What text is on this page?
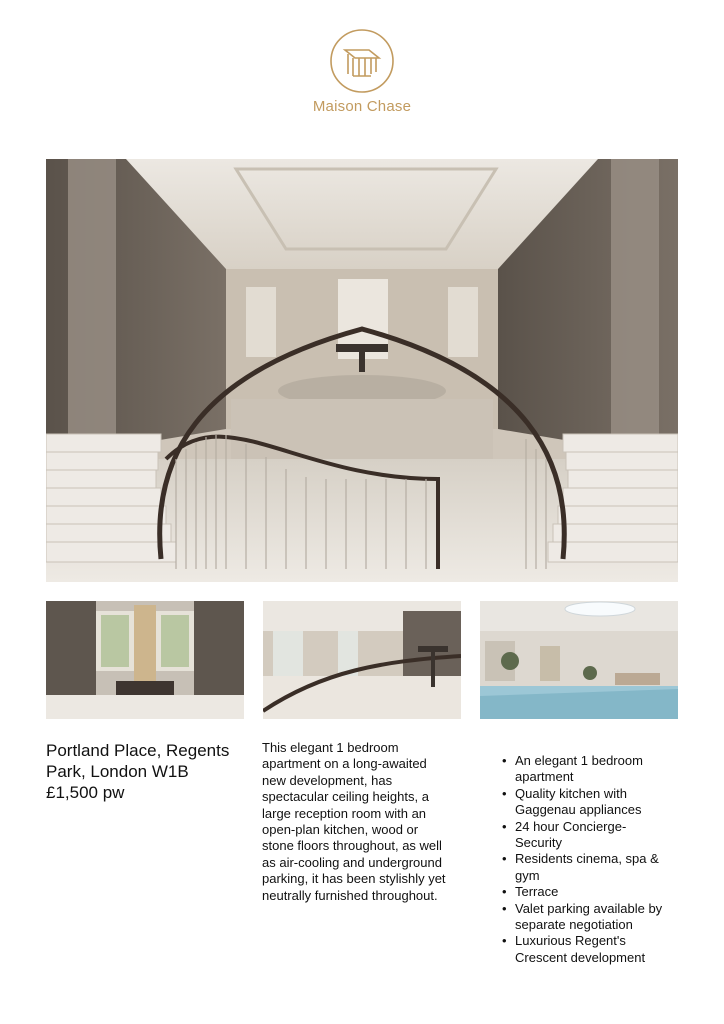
Maison Chase
Portland Place, Regents
Park, London W1B
£1,500 pw
This elegant 1 bedroom
apartment on a long-awaited
new development, has
spectacular ceiling heights, a
large reception room with an
open-plan kitchen, wood or
stone floors throughout, as well
as air-cooling and underground
parking, it has been stylishly yet
neutrally furnished throughout.
• An elegant 1 bedroom
apartment
• Quality kitchen with
Gaggenau appliances
• 24 hour Concierge-
Security
• Residents cinema, spa &
gym
• Terrace
• Valet parking available by
separate negotiation
• Luxurious Regent's
Crescent development
